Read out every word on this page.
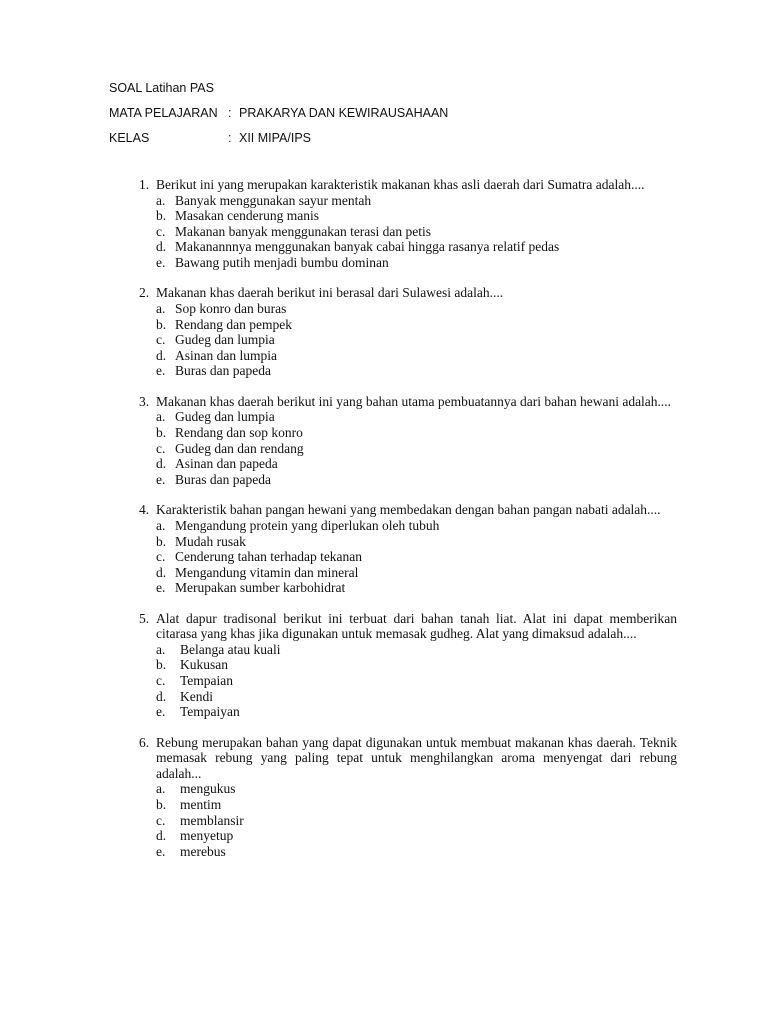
SOAL Latihan PAS
MATA PELAJARAN : PRAKARYA DAN KEWIRAUSAHAAN
KELAS	: XII MIPA/IPS
1. Berikut ini yang merupakan karakteristik makanan khas asli daerah dari Sumatra adalah....
a. Banyak menggunakan sayur mentah
b. Masakan cenderung manis
c. Makanan banyak menggunakan terasi dan petis
d. Makanannnya menggunakan banyak cabai hingga rasanya relatif pedas
e. Bawang putih menjadi bumbu dominan
2. Makanan khas daerah berikut ini berasal dari Sulawesi adalah....
a. Sop konro dan buras
b. Rendang dan pempek
c. Gudeg dan lumpia
d. Asinan dan lumpia
e. Buras dan papeda
3. Makanan khas daerah berikut ini yang bahan utama pembuatannya dari bahan hewani adalah....
a. Gudeg dan lumpia
b. Rendang dan sop konro
c. Gudeg dan dan rendang
d. Asinan dan papeda
e. Buras dan papeda
4. Karakteristik bahan pangan hewani yang membedakan dengan bahan pangan nabati adalah....
a. Mengandung protein yang diperlukan oleh tubuh
b. Mudah rusak
c. Cenderung tahan terhadap tekanan
d. Mengandung vitamin dan mineral
e. Merupakan sumber karbohidrat
5. Alat dapur tradisonal berikut ini terbuat dari bahan tanah liat. Alat ini dapat memberikan citarasa yang khas jika digunakan untuk memasak gudheg. Alat yang dimaksud adalah....
a.	Belanga atau kuali
b.	Kukusan
c.	Tempaian
d.	Kendi
e.	Tempaiyan
6. Rebung merupakan bahan yang dapat digunakan untuk membuat makanan khas daerah. Teknik memasak rebung yang paling tepat untuk menghilangkan aroma menyengat dari rebung adalah...
a.	mengukus
b.	mentim
c.	memblansir
d.	menyetup
e.	merebus
